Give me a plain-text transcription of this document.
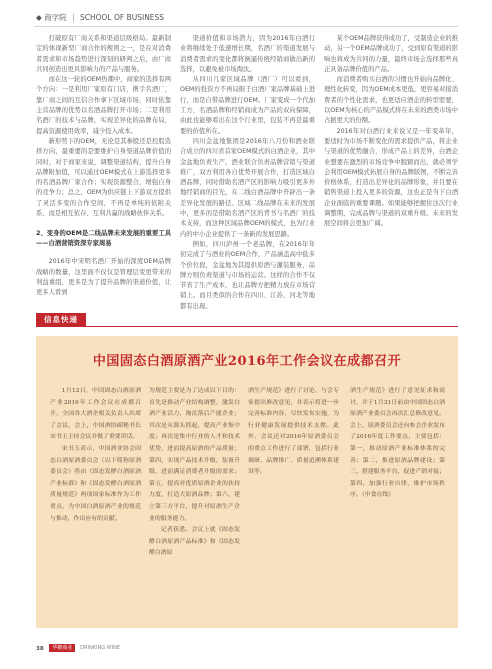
◆ 商学院 | SCHOOL OF BUSINESS

打破原有厂商关系和渠道层级格局。最新制定的体现新型厂商合作的规则之一，是在对消费者需求和市场趋势进行深刻的研判之后，由厂商共同创造出更具影响力的产品与服务。

而在这一轮的OEM热潮中，商家的选择有两个方向：一是利用厂家原有门店，携手名酒厂，靠厂商之间的互信合作拿下区域市场，同时依靠主营品牌的优势以名酒品牌打开市场；二是利用名酒厂的技术与品牌，实现差异化的品牌布局，提高资源使用效率，减少投入成本。

新形势下的OEM，无论是其参股还是控股选择方向，最重要的是要维护自身渠道品牌价值的同时，对于商家来说，调整渠道结构，提升自身品牌附加值，可以通过OEM模式在上游选择更多的名酒品牌厂家合作；实现资源整合，增强自身的竞争力；总之，OEM为供应链上下游双方提供了灵活多变的合作空间，不再是单纯的依附关系，而是相互依存、互利共赢的战略伙伴关系。

2、变身的OEM是二线品牌未来发展的重要工具——白酒营销资深专家周易

2016年中宋明名酒厂开始的深度OEM品牌战略的数量，这里面不仅仅是管理层变更带来的利益重组，更多是为了提升品牌的渠道价值，让更多人看到

渠道价值和市场潜力，因为2016年白酒行业将继续处于低速增长期，名酒厂的渠道发展与消费者需求的变化都将倒逼传统经销商做出新的选择，以避免被市场淘汰。

从四川几家区域品牌（酒厂）可以看到，OEM的投资方不再局限于白酒厂家品牌基础上进行，而是自带品牌进行OEM。厂家变成一个代加工方，名酒品牌和经销商成为产品的双向保障，由此也能够看出在这个行业里，包装不再是最重要的价值所在。

四川金盆地集团是2016年八月份和酒业联合成立的四川省首家OEM模式的白酒企业，其中金盆地负责生产，酒业联合负责品牌营销与渠道推广，双方利用各自优势开展合作，打造区域白酒品牌，同时借助名酒产区的影响力吸引更多外地经销商的目光，在二线白酒品牌中开辟出一条差异化发展的路径。区域二线品牌在未来的发展中，更多的是借助名酒产区的背书与名酒厂的技术支持，而这种区域品牌OEM的模式，也为行业内的中小企业提供了一条新的发展思路。

例如，四川泸州一个老品牌，在2016年年初完成了与酒业的OEM合作，产品涵盖高中低多个价位段，金盆地为其提供原酒与灌装服务，品牌方则负责渠道与市场的运营。这样的合作不仅节省了生产成本，也让品牌方把精力放在市场营销上。而且类似的合作在四川、江苏、河北等地都有出现。

某个OEM品牌获得成功了，受制造企业的推动，另一个OEM品牌成功了，受到原有渠道的影响也将成为共同的力量，最终市场会选择那些真正具备品牌价值的产品。

而消费者购买白酒的习惯也开始向品牌化、理性化转变，因为OEM成本更低，更容易对接消费者的个性化需求，也更适应酒企的转型需要，以OEM为核心的产品模式将在未来的酒类市场中占据更大的份额。

2016年对白酒行业来说又是一年变革年，要适时为市场不断变化的需求提供产品，将企业与渠道的优势融合，形成产品上的差异，白酒企业想要在激烈的市场竞争中脱颖而出，就必须学会利用OEM模式拓展自身的品牌版图，不断完善价格体系，打造出差异化的品牌形象，并且要在销售渠道上投入更多的资源，这也正是当下白酒企业面临的重要课题。如果能够把握住这次行业调整期，完成品牌与渠道的双重升级，未来的发展空间将会更加广阔。

信息快递
中国固态白酒原酒产业2016年工作会议在成都召开

1月12日，中国固态白酒原酒产业2016年工作会议在成都召开，全国各大酒企相关负责人出席了会议。会上，中国酒协副秘书长宋书玉主持会议并做了重要讲话。

宋书玉表示，中国酒业协会固态白酒原酒委员会（以下简称原酒委员会）将由《固态发酵白酒原酒产业标准》和《固态发酵白酒原酒质量规范》两项国家标准作为工作重点，为中国白酒原酒产业的规范与推动，作出应有的贡献。

为规范主要是为了达成以下目的：首先是推动产业结构调整，激发白酒产业活力，淘汰落后产能企业；其次是从源头抓起，提高产业集中度；再次是集中行业的人才和技术优势，进而提高原酒的产品质量；第四，实现产品技术升级，装备升级，进而满足消费者升级的需求；第五，提高对优质原酒企业的扶持力度，打造大原酒品牌；第六，建立第三方平台，提升对原酒生产企业的服务能力。

记者获悉，会议上就《固态发酵白酒原酒产品标准》和《固态发酵白酒原

酒生产规范》进行了讨论，与会专家提出修改意见，并表示将进一步完善标准内容，尽快发布实施，为行业健康发展提供技术支撑。此外，会议还对2016年原酒委员会的重点工作进行了部署，包括行业调研、品牌推广、质量追溯体系建设等。

酒生产规范》进行了意见征求和商讨，并于1月31日前由中国固态白酒原酒产业委员会再次汇总修改意见。会上，原酒委员会还向参会企业发布了2016年度工作要点，主要包括：第一，推动原酒产业标准体系的完善；第二，推进原酒品牌建设；第三，搭建服务平台，促进产销对接；第四，加强行业自律，维护市场秩序。（中食在线）

38 华糖商业 DRINKING WINE
